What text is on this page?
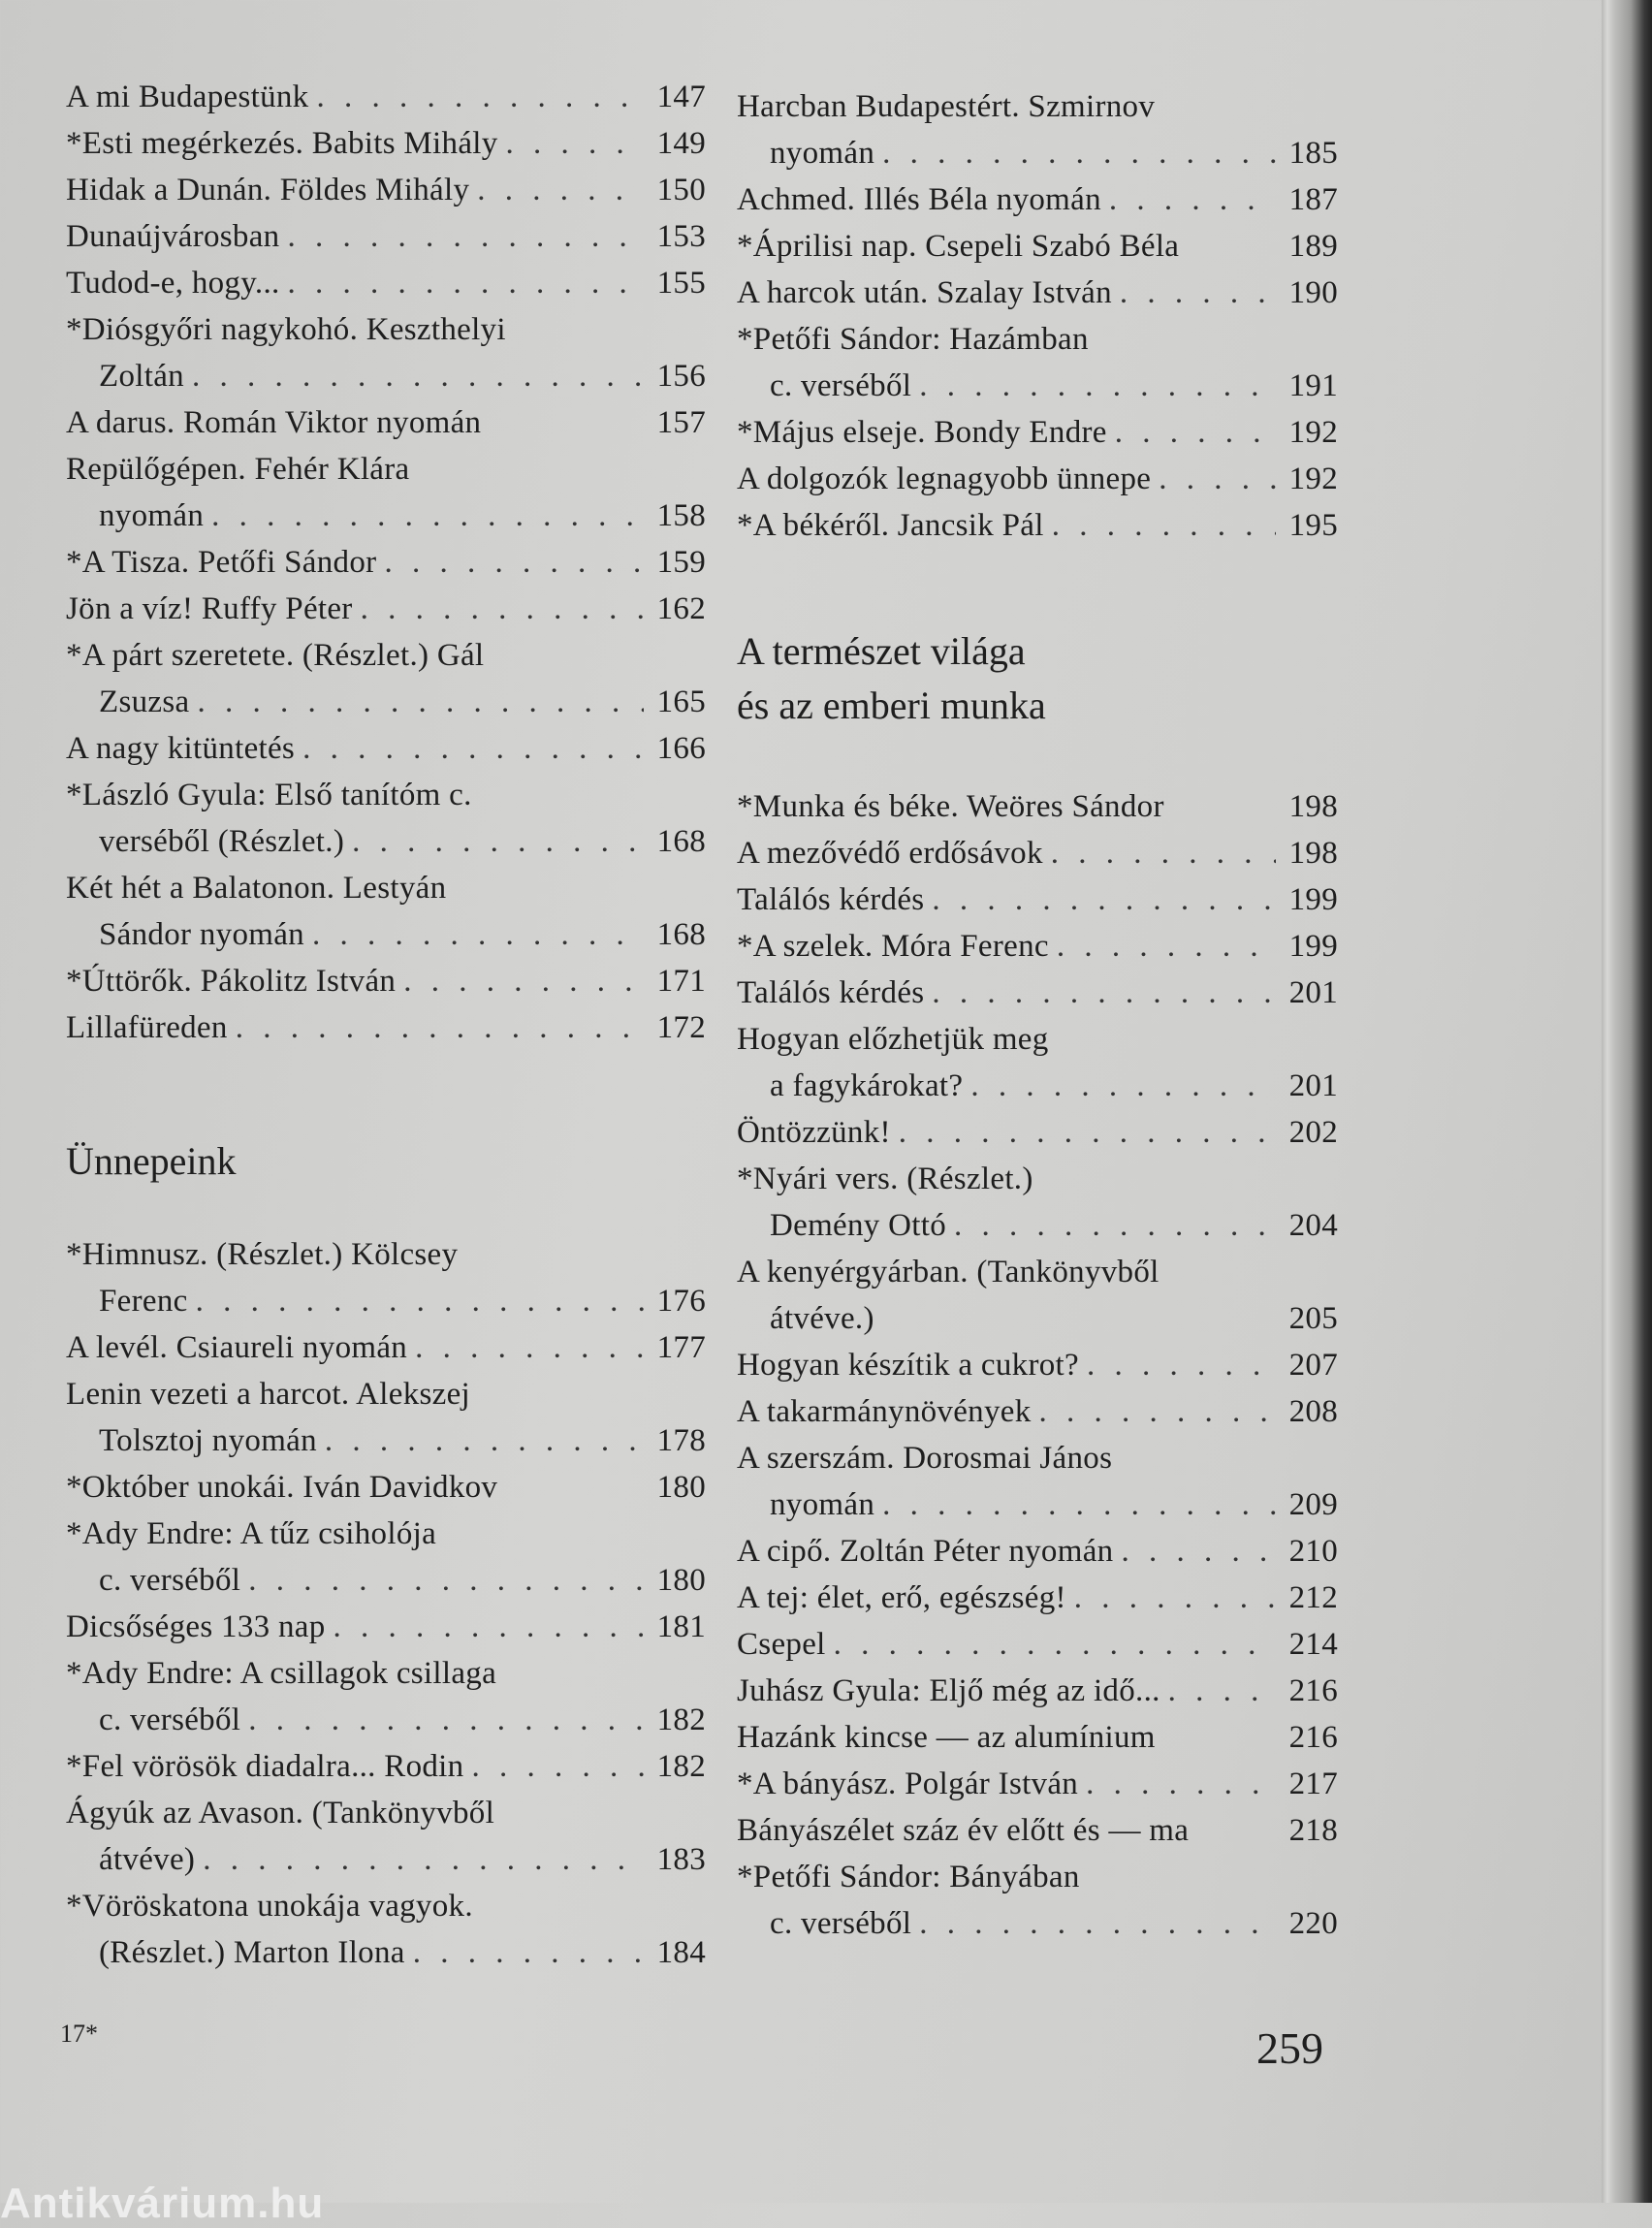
A mi Budapestünk . . .	147
*Esti megérkezés. Babits Mihály . . .	149
Hidak a Dunán. Földes Mihály . . .	150
Dunaújvárosban . . .	153
Tudod-e, hogy... . . .	155
*Diósgyőri nagykohó. Keszthelyi
Zoltán . . .	156
A darus. Román Viktor nyomán	157
Repülőgépen. Fehér Klára
nyomán . . .	158
*A Tisza. Petőfi Sándor . . .	159
Jön a víz! Ruffy Péter . . .	162
*A párt szeretete. (Részlet.) Gál
Zsuzsa . . .	165
A nagy kitüntetés . . .	166
*László Gyula: Első tanítóm c.
verséből (Részlet.) . . .	168
Két hét a Balatonon. Lestyán
Sándor nyomán . . .	168
*Úttörők. Pákolitz István . . .	171
Lillafüreden . . .	172
Ünnepeink
*Himnusz. (Részlet.) Kölcsey
Ferenc . . .	176
A levél. Csiaureli nyomán . . .	177
Lenin vezeti a harcot. Alekszej
Tolsztoj nyomán . . .	178
*Október unokái. Iván Davidkov	180
*Ady Endre: A tűz csiholója
c. verséből . . .	180
Dicsőséges 133 nap . . .	181
*Ady Endre: A csillagok csillaga
c. verséből . . .	182
*Fel vörösök diadalra... Rodin . . .	182
Ágyúk az Avason. (Tankönyvből
átvéve) . . .	183
*Vöröskatona unokája vagyok.
(Részlet.) Marton Ilona . . .	184
Harcban Budapestért. Szmirnov
nyomán . . .	185
Achmed. Illés Béla nyomán . . .	187
*Áprilisi nap. Csepeli Szabó Béla	189
A harcok után. Szalay István . . .	190
*Petőfi Sándor: Hazámban
c. verséből . . .	191
*Május elseje. Bondy Endre . . .	192
A dolgozók legnagyobb ünnepe . . .	192
*A békéről. Jancsik Pál . . .	195
A természet világa
és az emberi munka
*Munka és béke. Weöres Sándor	198
A mezővédő erdősávok . . .	198
Találós kérdés . . .	199
*A szelek. Móra Ferenc . . .	199
Találós kérdés . . .	201
Hogyan előzhetjük meg
a fagykárokat? . . .	201
Öntözzünk! . . .	202
*Nyári vers. (Részlet.)
Demény Ottó . . .	204
A kenyérgyárban. (Tankönyvből
átvéve.)	205
Hogyan készítik a cukrot? . . .	207
A takarmánynövények . . .	208
A szerszám. Dorosmai János
nyomán . . .	209
A cipő. Zoltán Péter nyomán . . .	210
A tej: élet, erő, egészség! . . .	212
Csepel . . .	214
Juhász Gyula: Eljő még az idő... . . .	216
Hazánk kincse — az alumínium	216
*A bányász. Polgár István . . .	217
Bányászélet száz év előtt és — ma	218
*Petőfi Sándor: Bányában
c. verséből . . .	220
17*	259
Antikvárium.hu
